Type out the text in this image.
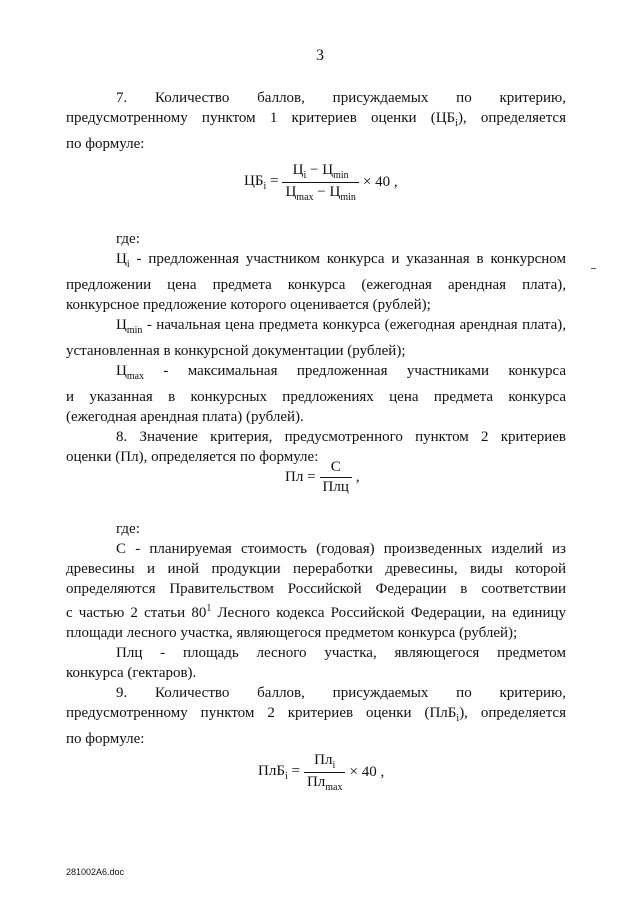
3
7. Количество баллов, присуждаемых по критерию,
предусмотренному пунктом 1 критериев оценки $(ЦБ_i)$, определяется
по формуле:
$ЦБ_i = \frac{Ц_i - Ц_{min}}{Ц_{max} - Ц_{min}} \times 40$ ,
где:
$Ц_i$ - предложенная участником конкурса и указанная в конкурсном
предложении цена предмета конкурса (ежегодная арендная плата),
конкурсное предложение которого оценивается (рублей);
$Ц_{min}$ - начальная цена предмета конкурса (ежегодная арендная плата),
установленная в конкурсной документации (рублей);
$Ц_{max}$ - максимальная предложенная участниками конкурса
и указанная в конкурсных предложениях цена предмета конкурса
(ежегодная арендная плата) (рублей).
8. Значение критерия, предусмотренного пунктом 2 критериев
оценки (Пл), определяется по формуле:
Пл = $\frac{С}{\text{Плц}}$ ,
где:
С - планируемая стоимость (годовая) произведенных изделий из
древесины и иной продукции переработки древесины, виды которой
определяются Правительством Российской Федерации в соответствии
с частью 2 статьи $80^1$ Лесного кодекса Российской Федерации, на единицу
площади лесного участка, являющегося предметом конкурса (рублей);
Плц - площадь лесного участка, являющегося предметом
конкурса (гектаров).
9. Количество баллов, присуждаемых по критерию,
предусмотренному пунктом 2 критериев оценки (ПлБ$_i$), определяется
по формуле:
$ПлБ_i = \frac{Пл_i}{Пл_{max}} \times 40$ ,
281002А6.doc
